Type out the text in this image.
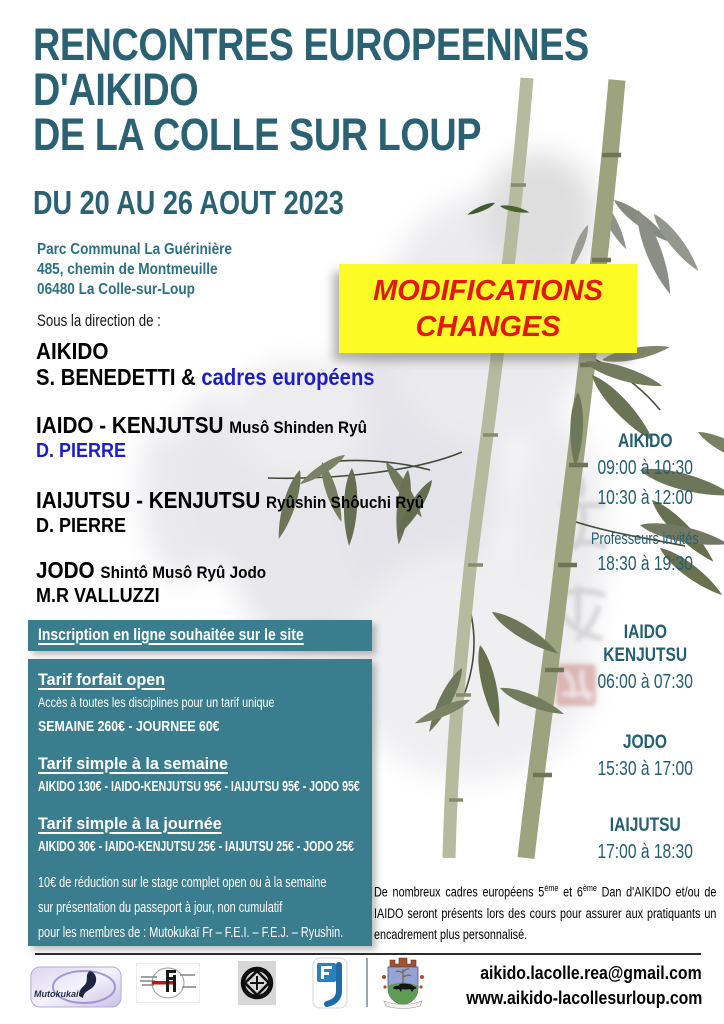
RENCONTRES EUROPEENNES
D'AIKIDO
DE LA COLLE SUR LOUP
DU 20 AU 26 AOUT 2023
Parc Communal La Guérinière
485, chemin de Montmeuille
06480 La Colle-sur-Loup
Sous la direction de :
AIKIDO
S. BENEDETTI & cadres européens
IAIDO - KENJUTSU Musô Shinden Ryû
D. PIERRE
IAIJUTSU - KENJUTSU Ryûshin Shôuchi Ryû
D. PIERRE
JODO Shintô Musô Ryû Jodo
M.R VALLUZZI
MODIFICATIONS
CHANGES
AIKIDO
09:00 à 10:30
10:30 à 12:00
Professeurs invités
18:30 à 19:30
IAIDO
KENJUTSU
06:00 à 07:30
JODO
15:30 à 17:00
IAIJUTSU
17:00 à 18:30
Inscription en ligne souhaitée sur le site
Tarif forfait open
Accès à toutes les disciplines pour un tarif unique
SEMAINE 260€ - JOURNEE 60€
Tarif simple à la semaine
AIKIDO 130€ - IAIDO-KENJUTSU 95€ - IAIJUTSU 95€ - JODO 95€
Tarif simple à la journée
AIKIDO 30€ - IAIDO-KENJUTSU 25€ - IAIJUTSU 25€ - JODO 25€
10€ de réduction sur le stage complet open ou à la semaine
sur présentation du passeport à jour, non cumulatif
pour les membres de : Mutokukaï Fr – F.E.I. – F.E.J. – Ryushin.

De nombreux cadres européens 5ème et 6ème Dan d'AIKIDO et/ou de IAIDO seront présents lors des cours pour assurer aux pratiquants un encadrement plus personnalisé.

Mutokukai
aikido.lacolle.rea@gmail.com
www.aikido-lacollesurloup.com
